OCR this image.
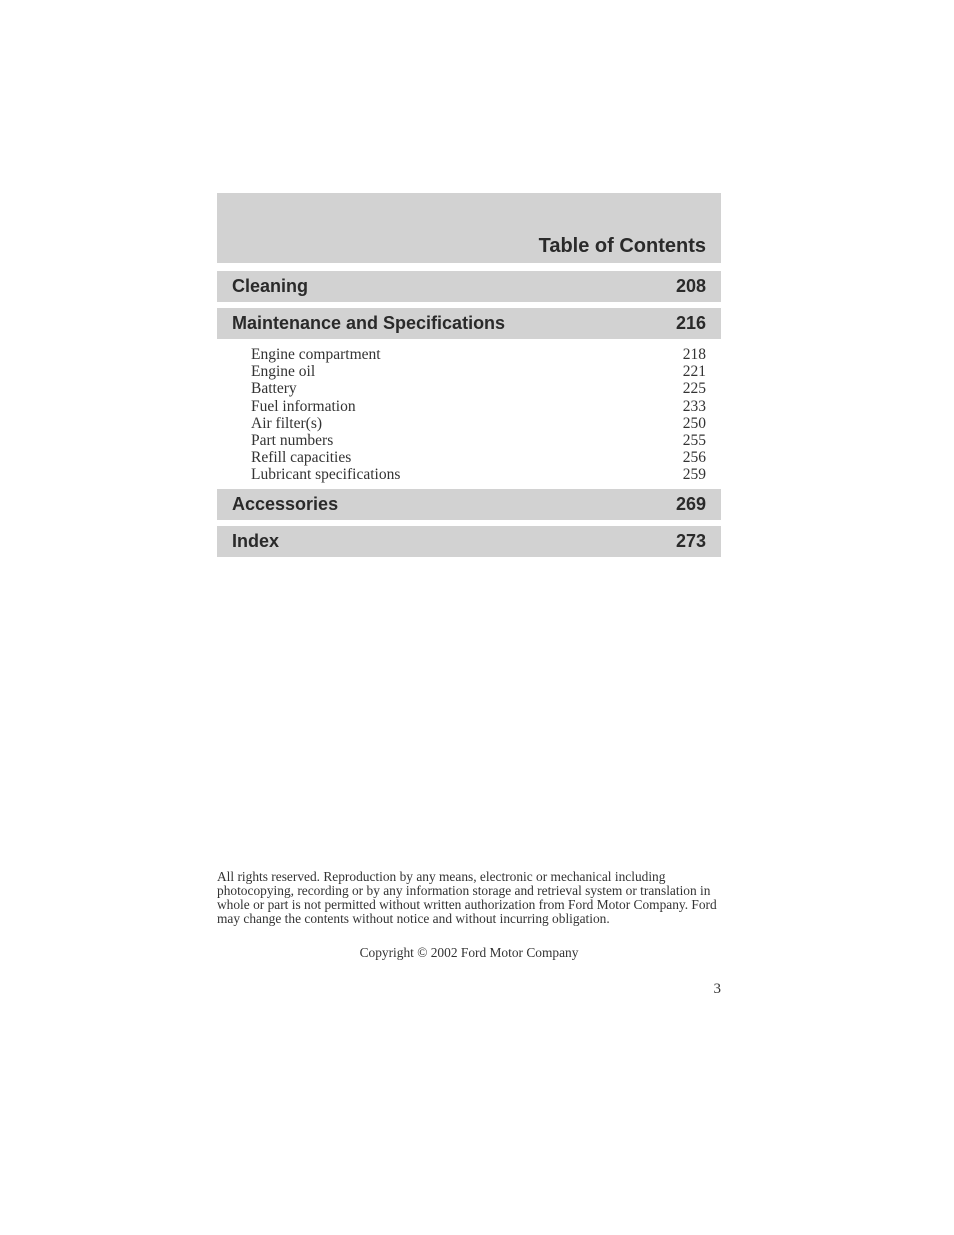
Table of Contents
Cleaning	208
Maintenance and Specifications	216
Engine compartment	218
Engine oil	221
Battery	225
Fuel information	233
Air filter(s)	250
Part numbers	255
Refill capacities	256
Lubricant specifications	259
Accessories	269
Index	273
All rights reserved. Reproduction by any means, electronic or mechanical including photocopying, recording or by any information storage and retrieval system or translation in whole or part is not permitted without written authorization from Ford Motor Company. Ford may change the contents without notice and without incurring obligation.
Copyright © 2002 Ford Motor Company
3
